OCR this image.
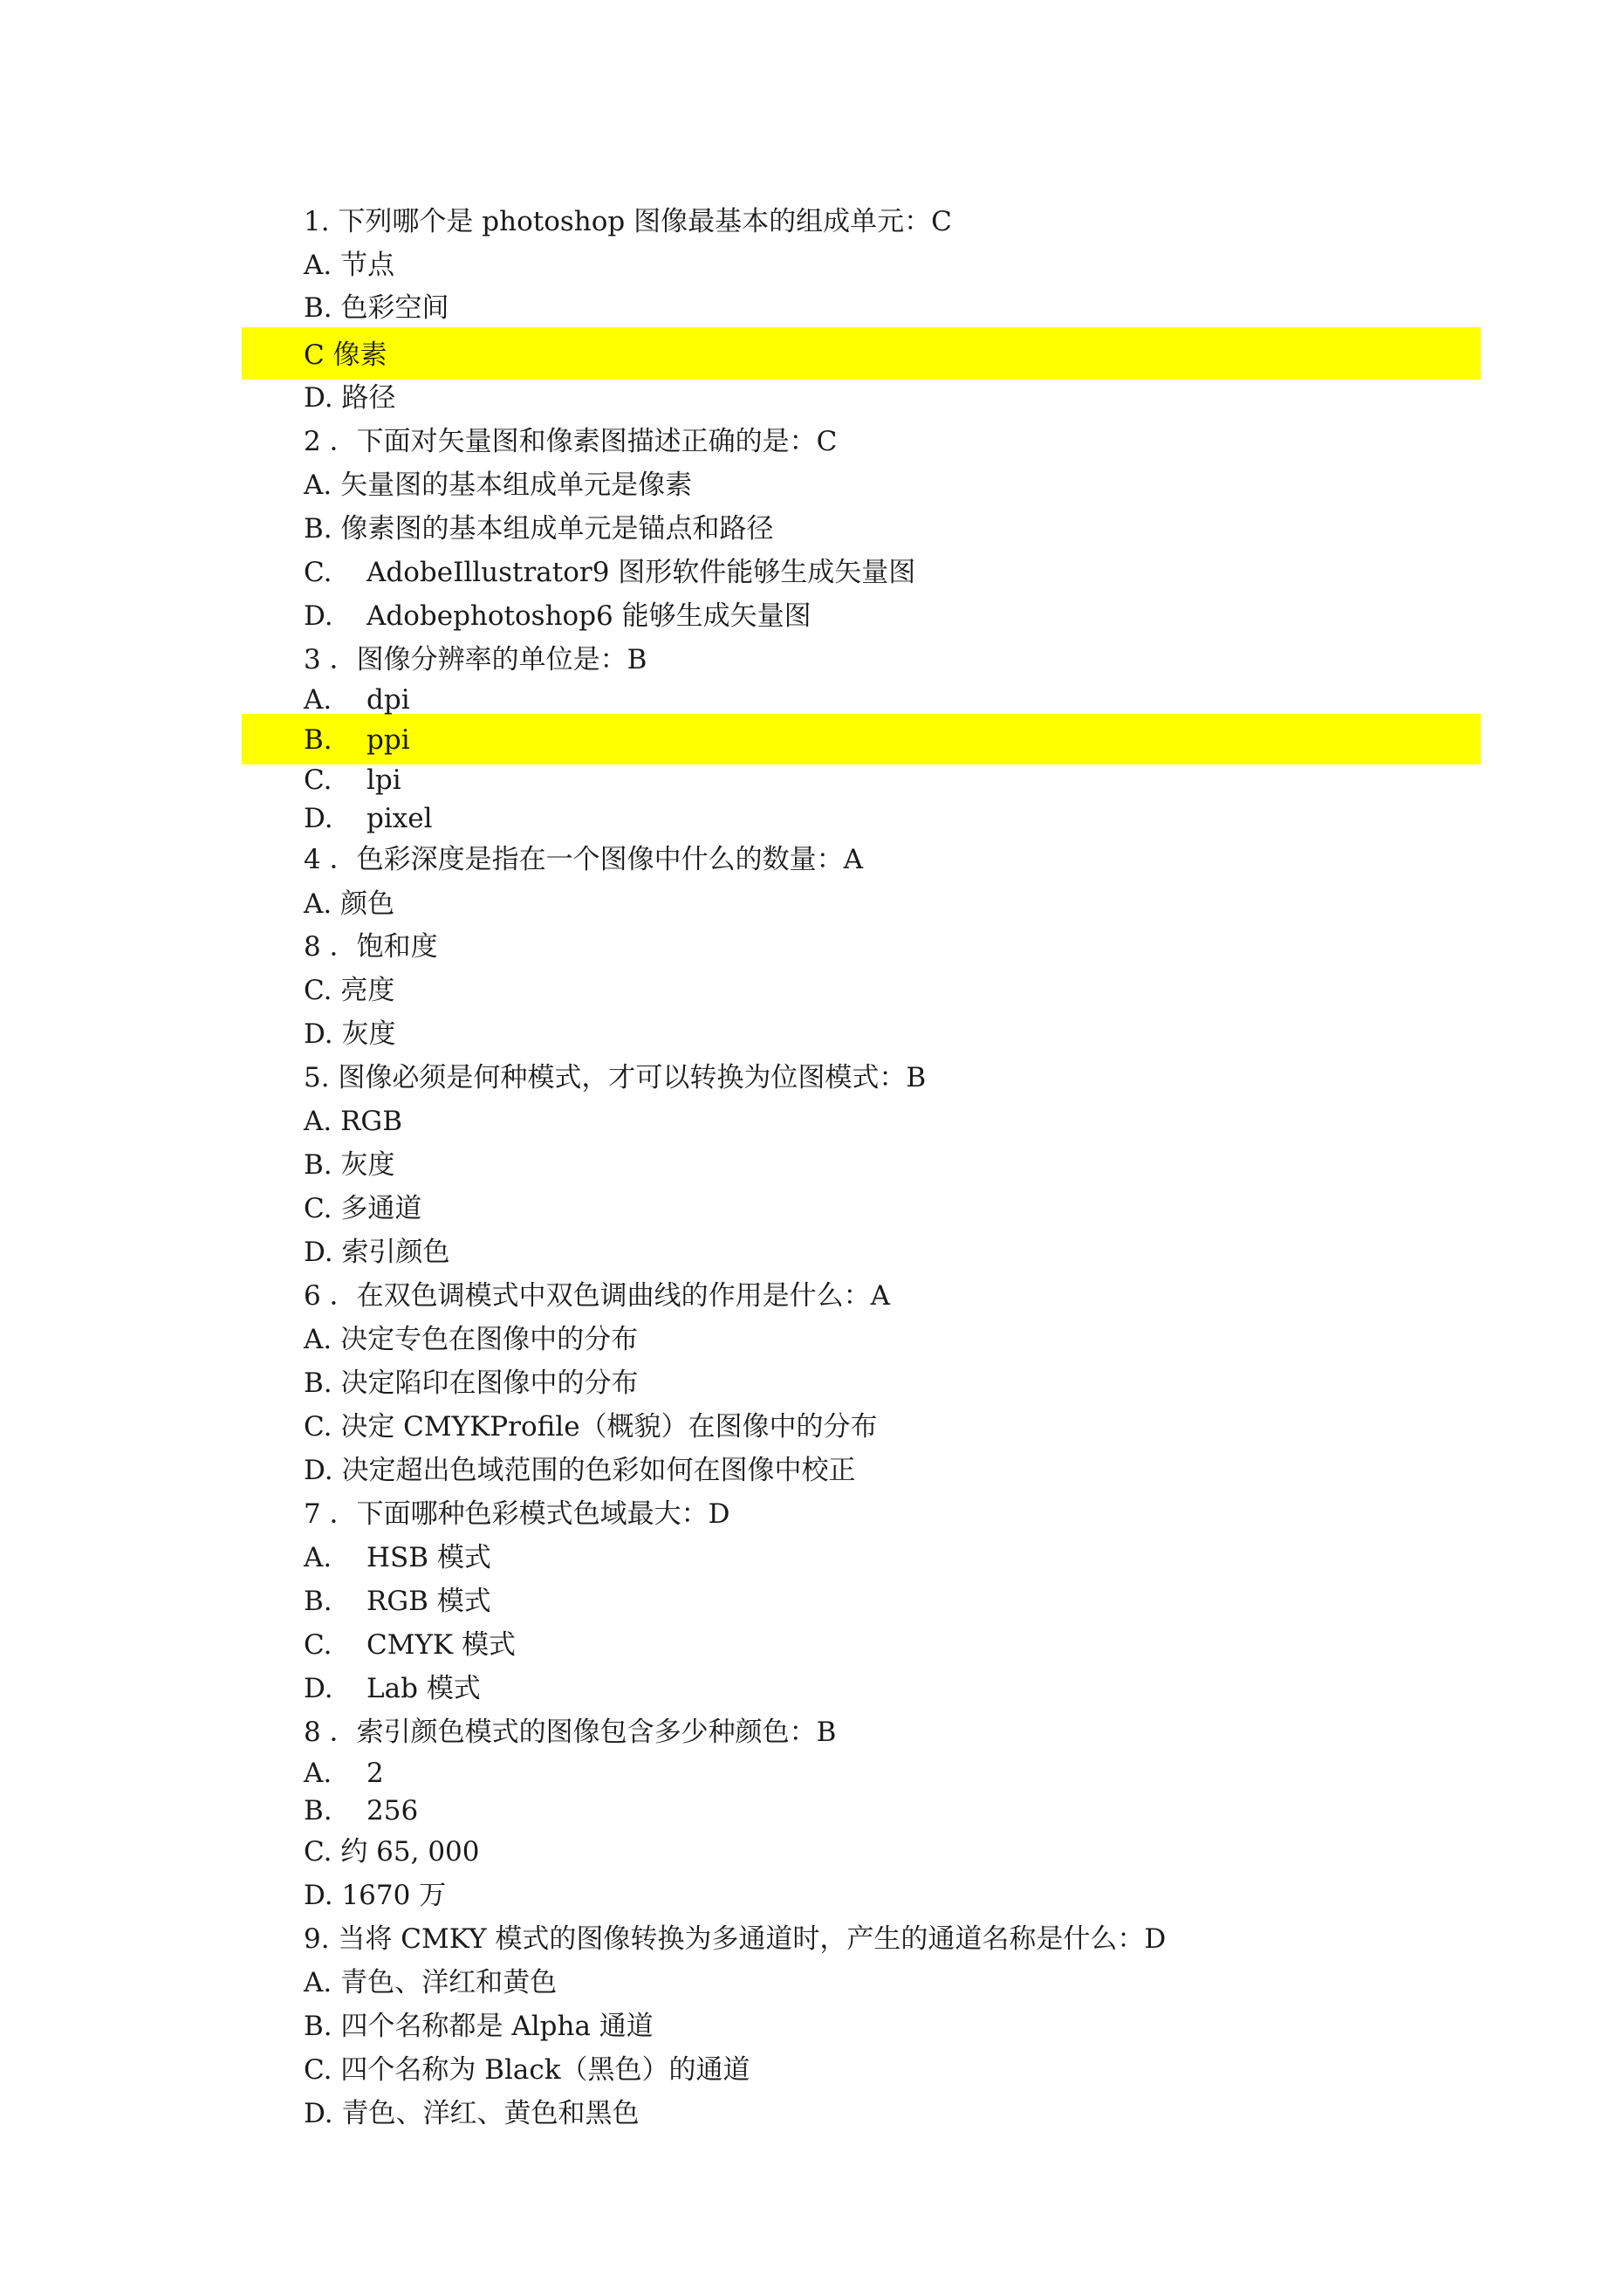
1. 下列哪个是 photoshop 图像最基本的组成单元：C

A. 节点

B. 色彩空间

C 像素

D. 路径

2 ．下面对矢量图和像素图描述正确的是：C

A. 矢量图的基本组成单元是像素

B. 像素图的基本组成单元是锚点和路径

C. AdobeIllustrator9 图形软件能够生成矢量图

D. Adobephotoshop6 能够生成矢量图

3 ．图像分辨率的单位是：B

A. dpi

B. ppi

C. lpi

D. pixel

4 ．色彩深度是指在一个图像中什么的数量：A

A. 颜色

8 ．饱和度

C. 亮度

D. 灰度

5. 图像必须是何种模式，才可以转换为位图模式：B

A. RGB

B. 灰度

C. 多通道

D. 索引颜色

6 ．在双色调模式中双色调曲线的作用是什么：A

A. 决定专色在图像中的分布

B. 决定陷印在图像中的分布

C. 决定 CMYKProfile（概貌）在图像中的分布

D. 决定超出色域范围的色彩如何在图像中校正

7 ．下面哪种色彩模式色域最大：D

A. HSB 模式

B. RGB 模式

C. CMYK 模式

D. Lab 模式

8 ．索引颜色模式的图像包含多少种颜色：B

A. 2

B. 256

C. 约 65, 000

D. 1670 万

9. 当将 CMKY 模式的图像转换为多通道时，产生的通道名称是什么：D

A. 青色、洋红和黄色

B. 四个名称都是 Alpha 通道

C. 四个名称为 Black（黑色）的通道

D. 青色、洋红、黄色和黑色
